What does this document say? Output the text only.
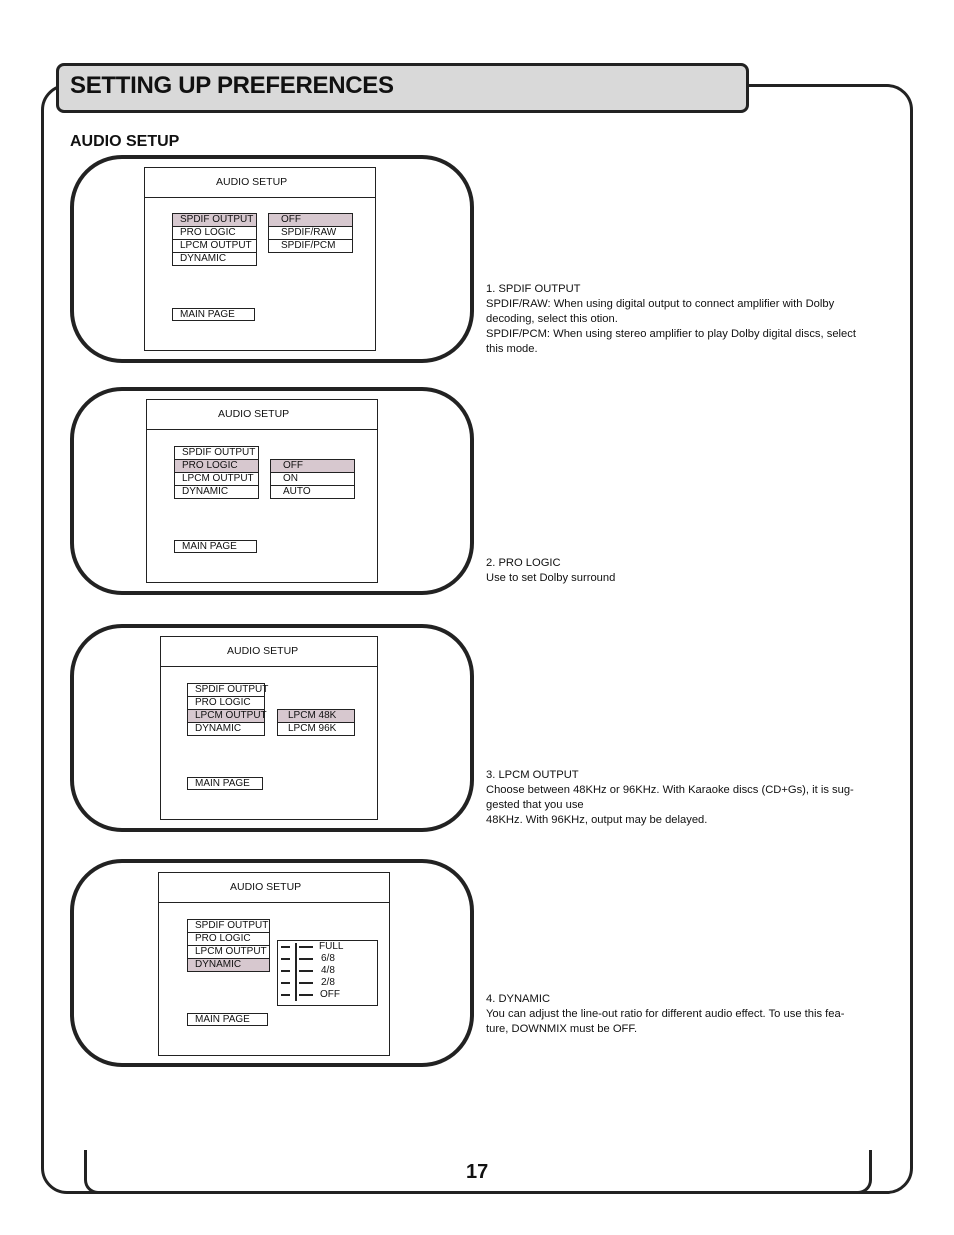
17
SETTING UP PREFERENCES
AUDIO SETUP
AUDIO SETUP
SPDIF OUTPUT
PRO LOGIC
LPCM OUTPUT
DYNAMIC
OFF
SPDIF/RAW
SPDIF/PCM
MAIN PAGE
1. SPDIF OUTPUT
SPDIF/RAW: When using digital output to connect amplifier with Dolby decoding, select this otion.
SPDIF/PCM: When using stereo amplifier to play Dolby digital discs, select this mode.
AUDIO SETUP
SPDIF OUTPUT
PRO LOGIC
LPCM OUTPUT
DYNAMIC
OFF
ON
AUTO
MAIN PAGE
2. PRO LOGIC
Use to set Dolby surround
AUDIO SETUP
SPDIF OUTPUT
PRO LOGIC
LPCM OUTPUT
DYNAMIC
LPCM 48K
LPCM 96K
MAIN PAGE
3. LPCM OUTPUT
Choose between 48KHz or 96KHz. With Karaoke discs (CD+Gs), it is sug-gested that you use
48KHz. With 96KHz, output may be delayed.
AUDIO SETUP
SPDIF OUTPUT
PRO LOGIC
LPCM OUTPUT
DYNAMIC
FULL
6/8
4/8
2/8
OFF
MAIN PAGE
4. DYNAMIC
You can adjust the line-out ratio for different audio effect. To use this fea-ture, DOWNMIX must be OFF.
